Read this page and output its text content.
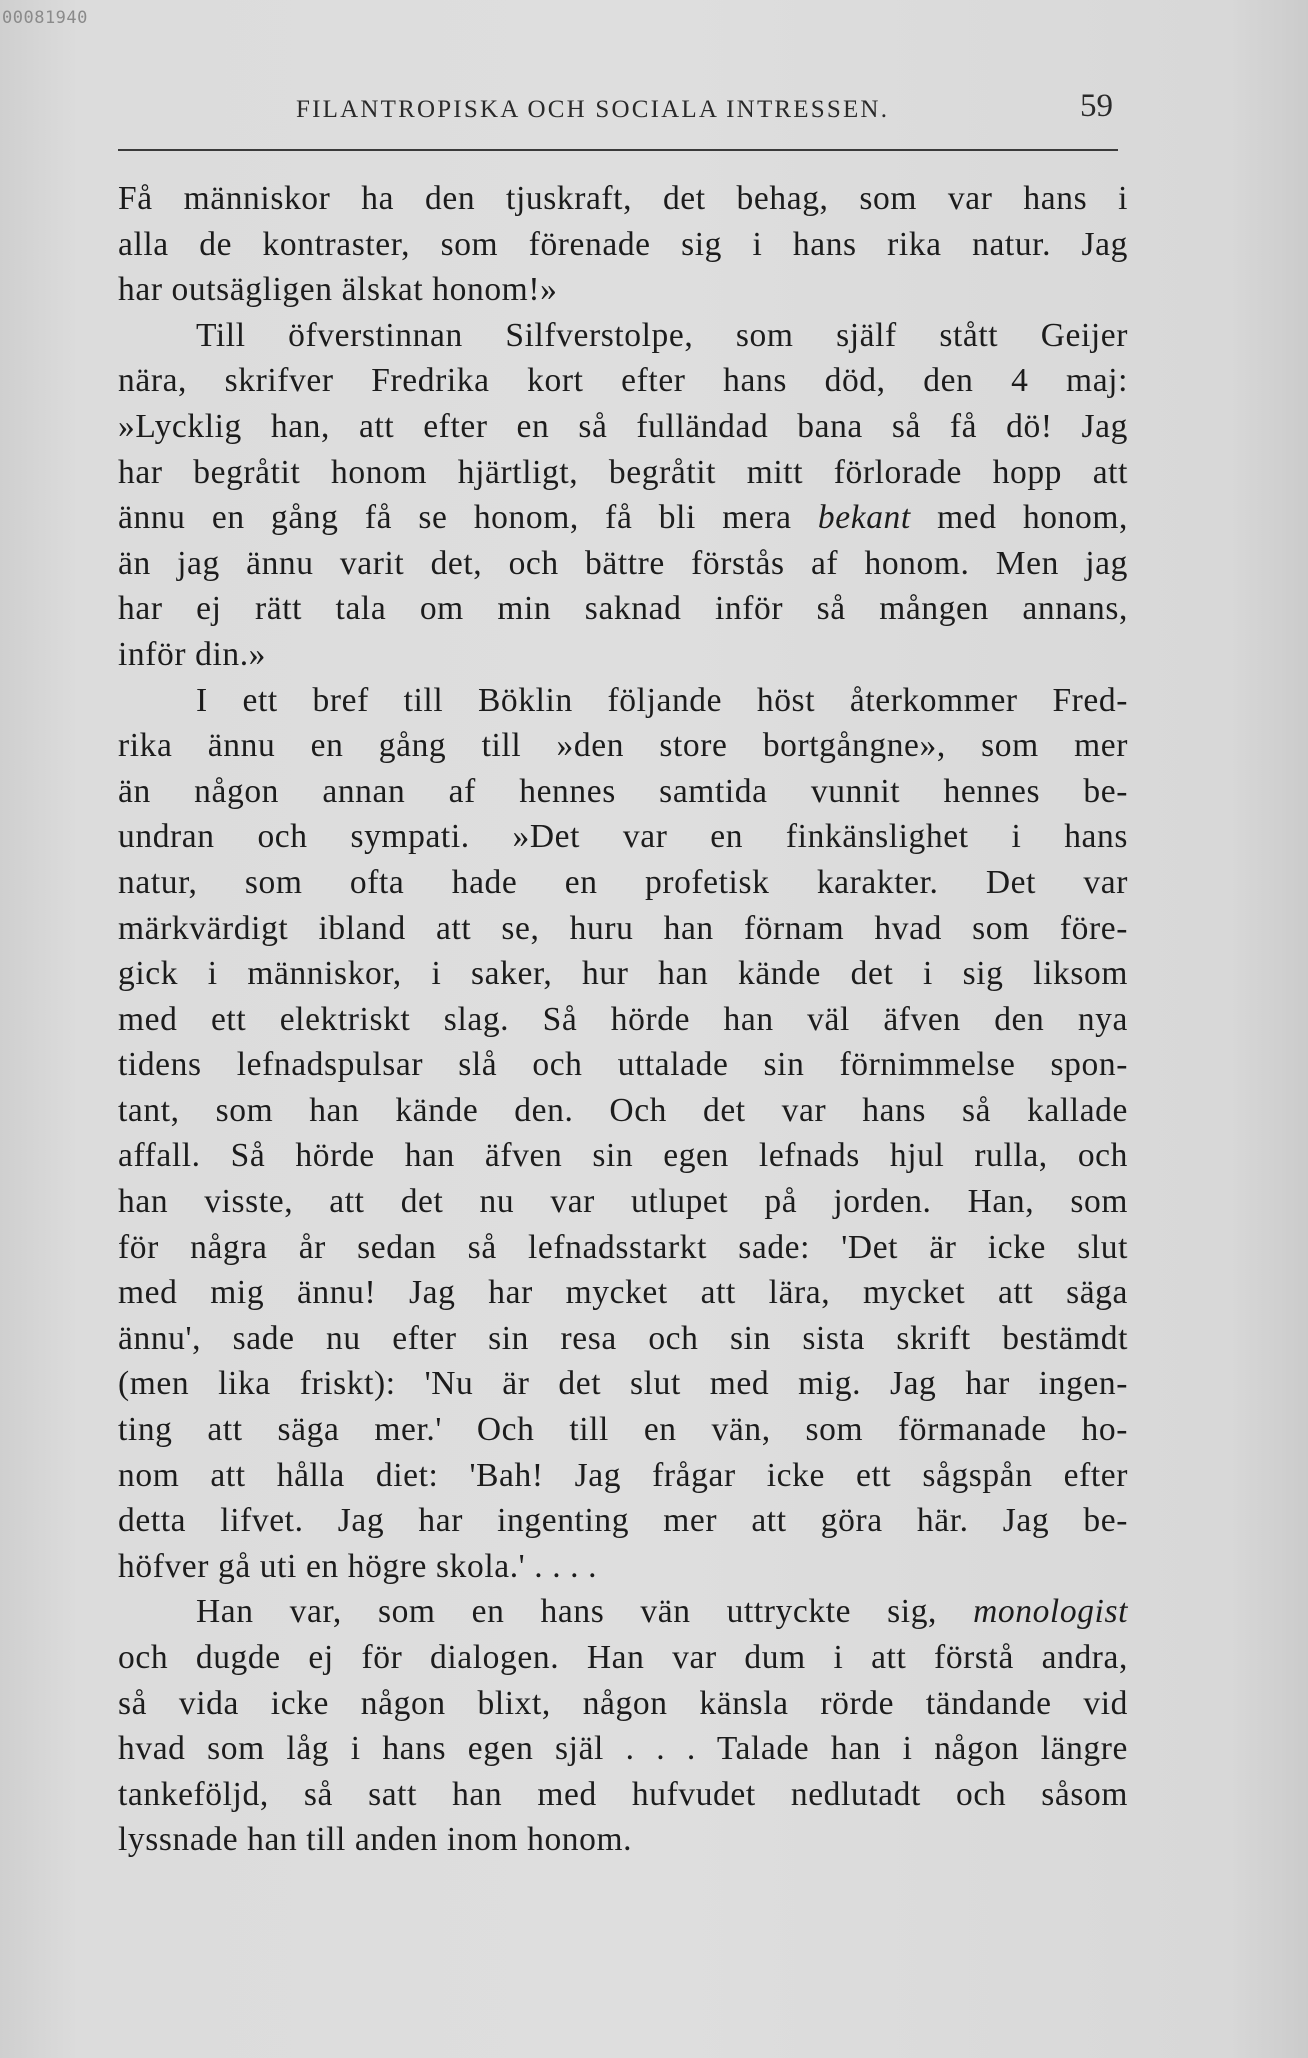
00081940
FILANTROPISKA OCH SOCIALA INTRESSEN.	59
Få människor ha den tjuskraft, det behag, som var hans i
alla de kontraster, som förenade sig i hans rika natur. Jag
har outsägligen älskat honom!»
Till öfverstinnan Silfverstolpe, som själf stått Geijer
nära, skrifver Fredrika kort efter hans död, den 4 maj:
»Lycklig han, att efter en så fulländad bana så få dö! Jag
har begråtit honom hjärtligt, begråtit mitt förlorade hopp att
ännu en gång få se honom, få bli mera bekant med honom,
än jag ännu varit det, och bättre förstås af honom. Men jag
har ej rätt tala om min saknad inför så mången annans,
inför din.»
I ett bref till Böklin följande höst återkommer Fred-
rika ännu en gång till »den store bortgångne», som mer
än någon annan af hennes samtida vunnit hennes be-
undran och sympati. »Det var en finkänslighet i hans
natur, som ofta hade en profetisk karakter. Det var
märkvärdigt ibland att se, huru han förnam hvad som före-
gick i människor, i saker, hur han kände det i sig liksom
med ett elektriskt slag. Så hörde han väl äfven den nya
tidens lefnadspulsar slå och uttalade sin förnimmelse spon-
tant, som han kände den. Och det var hans så kallade
affall. Så hörde han äfven sin egen lefnads hjul rulla, och
han visste, att det nu var utlupet på jorden. Han, som
för några år sedan så lefnadsstarkt sade: 'Det är icke slut
med mig ännu! Jag har mycket att lära, mycket att säga
ännu', sade nu efter sin resa och sin sista skrift bestämdt
(men lika friskt): 'Nu är det slut med mig. Jag har ingen-
ting att säga mer.' Och till en vän, som förmanade ho-
nom att hålla diet: 'Bah! Jag frågar icke ett sågspån efter
detta lifvet. Jag har ingenting mer att göra här. Jag be-
höfver gå uti en högre skola.' . . . .
Han var, som en hans vän uttryckte sig, monologist
och dugde ej för dialogen. Han var dum i att förstå andra,
så vida icke någon blixt, någon känsla rörde tändande vid
hvad som låg i hans egen själ . . . Talade han i någon längre
tankeföljd, så satt han med hufvudet nedlutadt och såsom
lyssnade han till anden inom honom.
